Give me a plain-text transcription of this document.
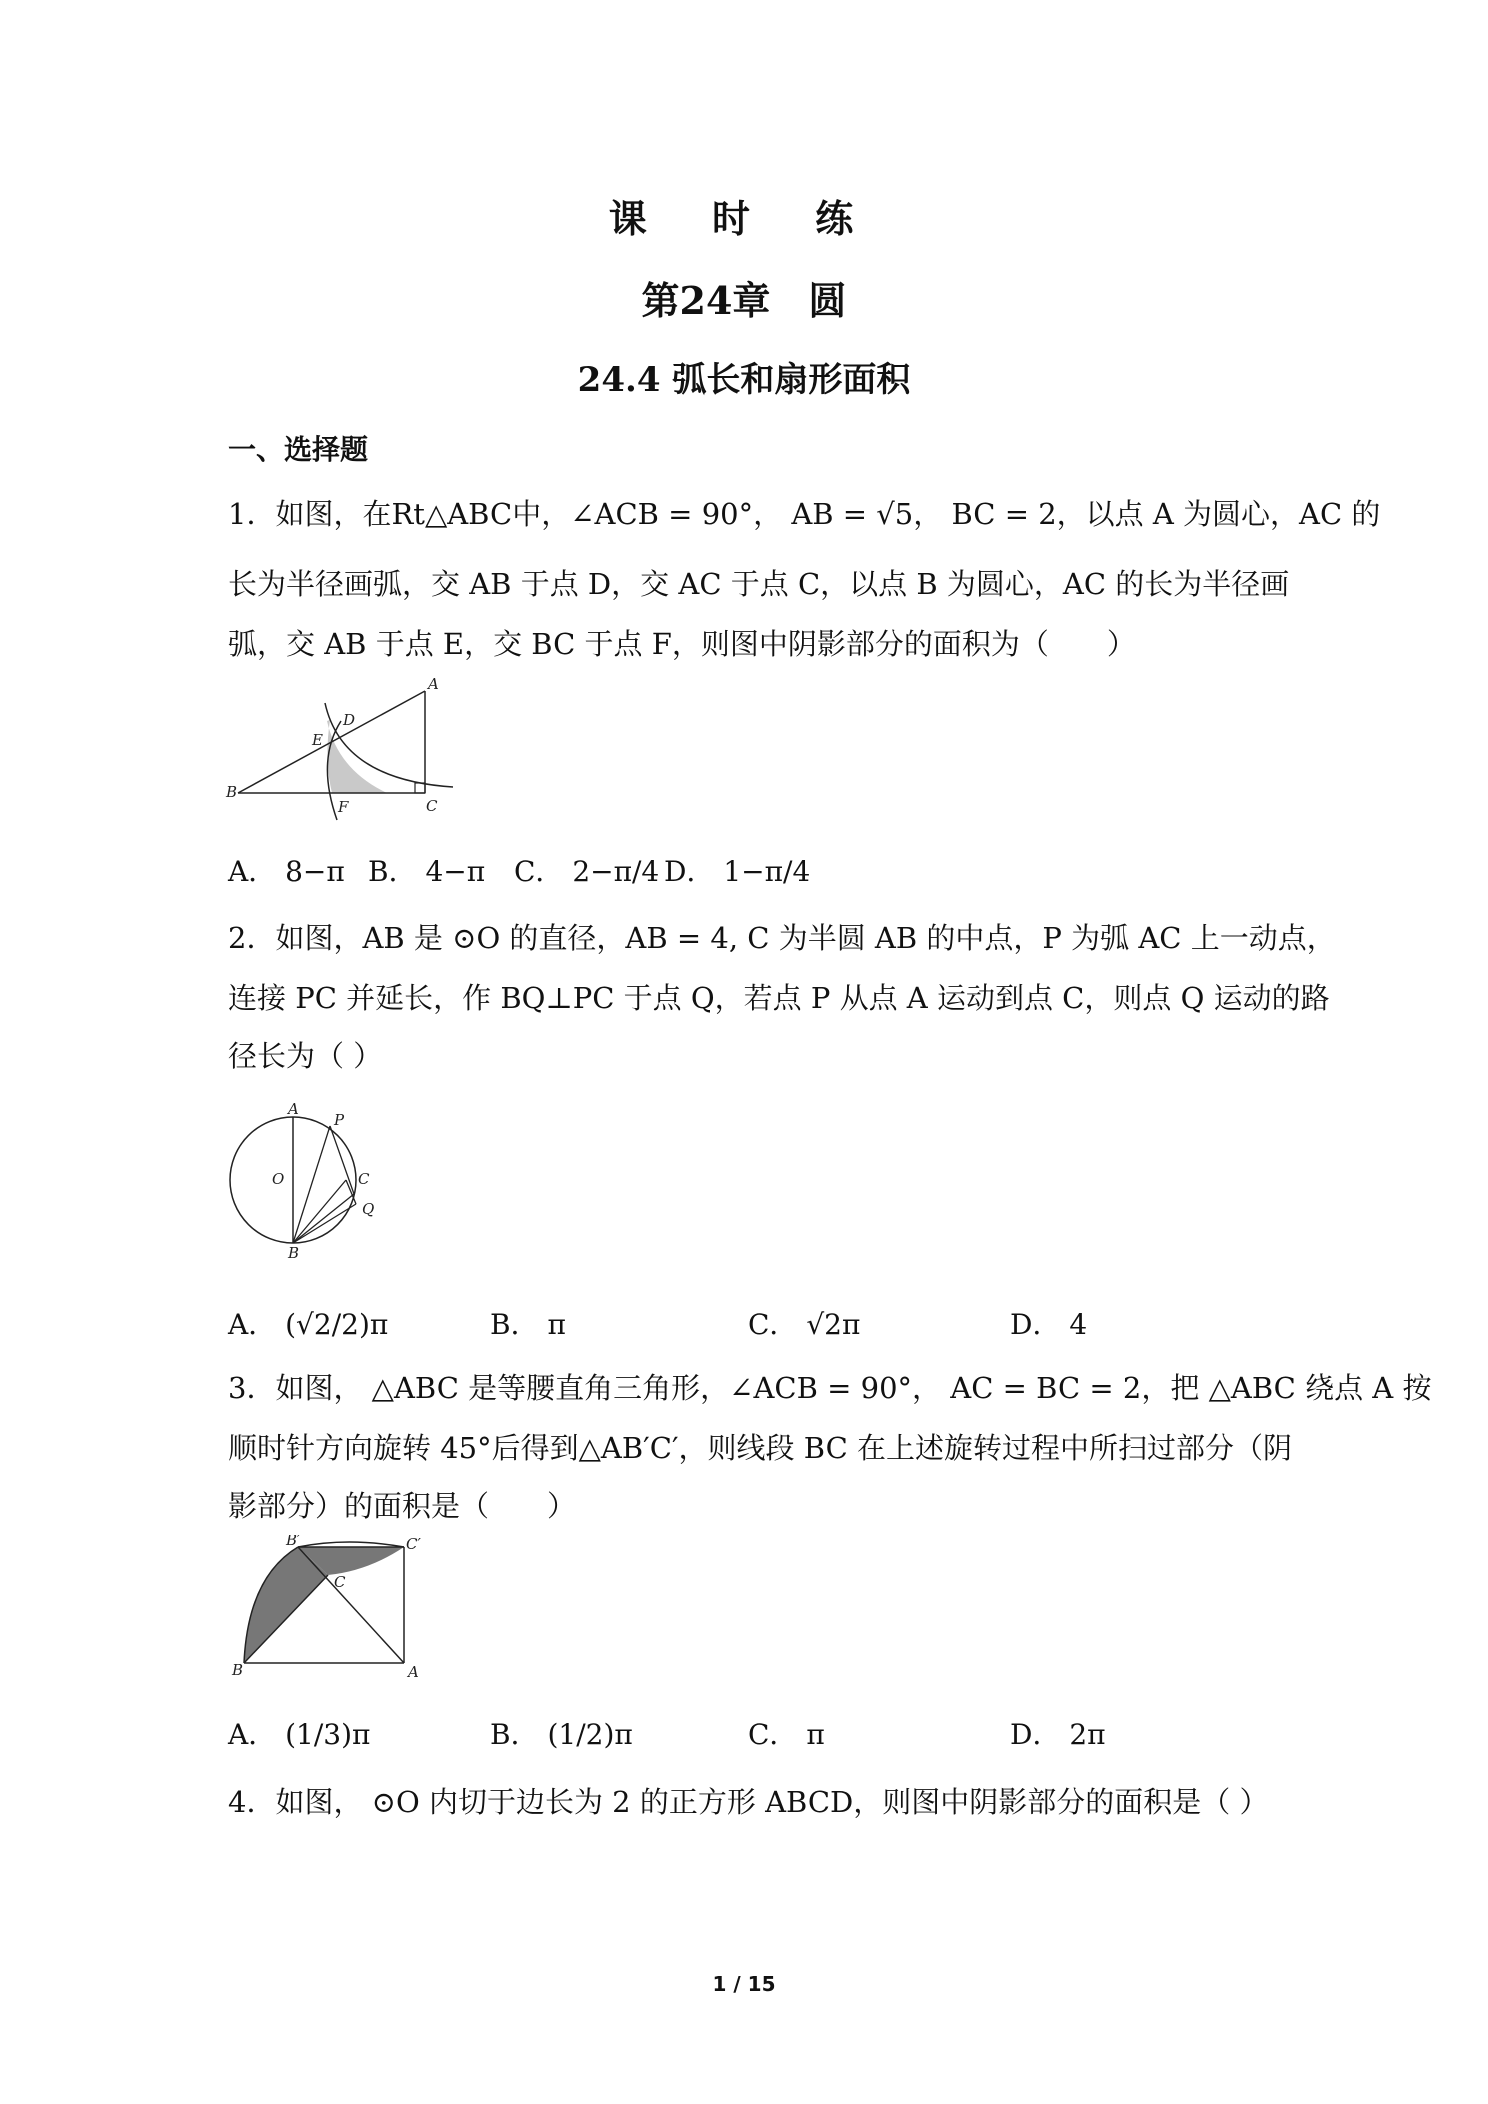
课 时 练
第24章　圆
24.4 弧长和扇形面积
一、选择题
1．如图，在Rt△ABC中，∠ACB = 90°， AB = √5， BC = 2，以点 A 为圆心，AC 的
长为半径画弧，交 AB 于点 D，交 AC 于点 C，以点 B 为圆心，AC 的长为半径画
弧，交 AB 于点 E，交 BC 于点 F，则图中阴影部分的面积为（　　）
A
B
C
D
E
F
A． 8−π B． 4−π C． 2−π/4 D． 1−π/4
2．如图，AB 是 ⊙O 的直径，AB = 4, C 为半圆 AB 的中点，P 为弧 AC 上一动点，
连接 PC 并延长，作 BQ⊥PC 于点 Q，若点 P 从点 A 运动到点 C，则点 Q 运动的路
径长为（ ）
A
B
O
P
C
Q
A． (√2/2)π	B． π	C． √2π	D． 4
3．如图， △ABC 是等腰直角三角形，∠ACB = 90°， AC = BC = 2，把 △ABC 绕点 A 按
顺时针方向旋转 45°后得到△AB′C′，则线段 BC 在上述旋转过程中所扫过部分（阴
影部分）的面积是（　　）
B′	C′
C
B	A
A． (1/3)π	B． (1/2)π	C． π	D． 2π
4．如图， ⊙O 内切于边长为 2 的正方形 ABCD，则图中阴影部分的面积是（ ）
1 / 15
